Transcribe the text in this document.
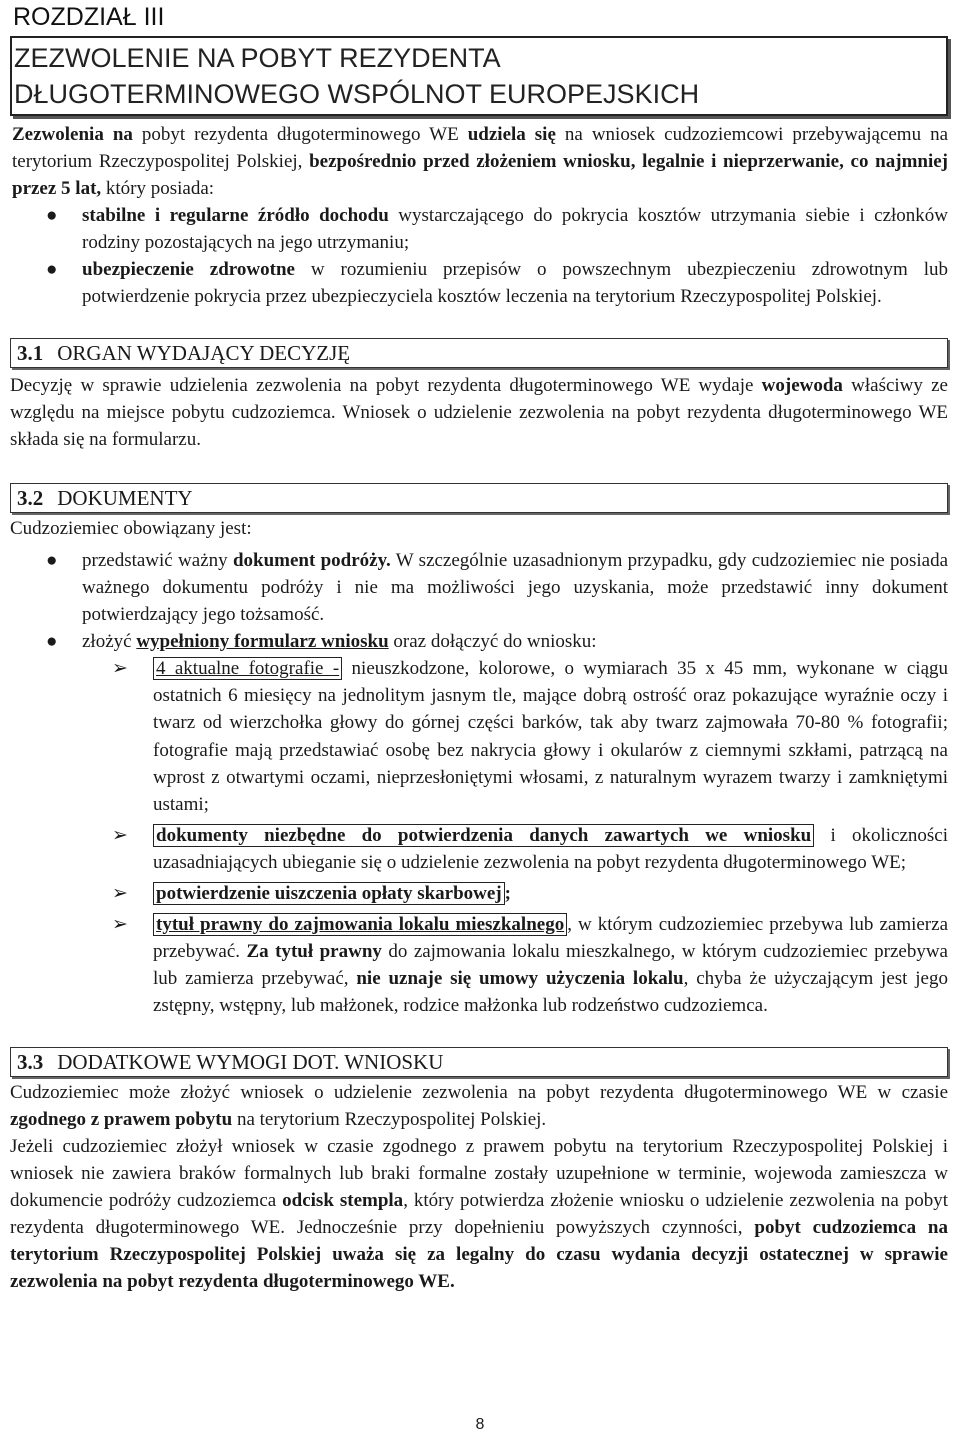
ROZDZIAŁ III
ZEZWOLENIE NA POBYT REZYDENTA
DŁUGOTERMINOWEGO WSPÓLNOT EUROPEJSKICH

Zezwolenia na pobyt rezydenta długoterminowego WE udziela się na wniosek cudzoziemcowi przebywającemu na terytorium Rzeczypospolitej Polskiej, bezpośrednio przed złożeniem wniosku, legalnie i nieprzerwanie, co najmniej przez 5 lat, który posiada:

● stabilne i regularne źródło dochodu wystarczającego do pokrycia kosztów utrzymania siebie i członków rodziny pozostających na jego utrzymaniu;
● ubezpieczenie zdrowotne w rozumieniu przepisów o powszechnym ubezpieczeniu zdrowotnym lub potwierdzenie pokrycia przez ubezpieczyciela kosztów leczenia na terytorium Rzeczypospolitej Polskiej.
3.1 ORGAN WYDAJĄCY DECYZJĘ

Decyzję w sprawie udzielenia zezwolenia na pobyt rezydenta długoterminowego WE wydaje wojewoda właściwy ze względu na miejsce pobytu cudzoziemca. Wniosek o udzielenie zezwolenia na pobyt rezydenta długoterminowego WE składa się na formularzu.

3.2 DOKUMENTY

Cudzoziemiec obowiązany jest:

● przedstawić ważny dokument podróży. W szczególnie uzasadnionym przypadku, gdy cudzoziemiec nie posiada ważnego dokumentu podróży i nie ma możliwości jego uzyskania, może przedstawić inny dokument potwierdzający jego tożsamość.
● złożyć wypełniony formularz wniosku oraz dołączyć do wniosku:
➢ 4 aktualne fotografie - nieuszkodzone, kolorowe, o wymiarach 35 x 45 mm, wykonane w ciągu ostatnich 6 miesięcy na jednolitym jasnym tle, mające dobrą ostrość oraz pokazujące wyraźnie oczy i twarz od wierzchołka głowy do górnej części barków, tak aby twarz zajmowała 70-80 % fotografii; fotografie mają przedstawiać osobę bez nakrycia głowy i okularów z ciemnymi szkłami, patrzącą na wprost z otwartymi oczami, nieprzesłoniętymi włosami, z naturalnym wyrazem twarzy i zamkniętymi ustami;
➢ dokumenty niezbędne do potwierdzenia danych zawartych we wniosku i okoliczności uzasadniających ubieganie się o udzielenie zezwolenia na pobyt rezydenta długoterminowego WE;
➢ potwierdzenie uiszczenia opłaty skarbowej ;
➢ tytuł prawny do zajmowania lokalu mieszkalnego , w którym cudzoziemiec przebywa lub zamierza przebywać. Za tytuł prawny do zajmowania lokalu mieszkalnego, w którym cudzoziemiec przebywa lub zamierza przebywać, nie uznaje się umowy użyczenia lokalu, chyba że użyczającym jest jego zstępny, wstępny, lub małżonek, rodzice małżonka lub rodzeństwo cudzoziemca.
3.3 DODATKOWE WYMOGI DOT. WNIOSKU

Cudzoziemiec może złożyć wniosek o udzielenie zezwolenia na pobyt rezydenta długoterminowego WE w czasie zgodnego z prawem pobytu na terytorium Rzeczypospolitej Polskiej.

Jeżeli cudzoziemiec złożył wniosek w czasie zgodnego z prawem pobytu na terytorium Rzeczypospolitej Polskiej i wniosek nie zawiera braków formalnych lub braki formalne zostały uzupełnione w terminie, wojewoda zamieszcza w dokumencie podróży cudzoziemca odcisk stempla, który potwierdza złożenie wniosku o udzielenie zezwolenia na pobyt rezydenta długoterminowego WE. Jednocześnie przy dopełnieniu powyższych czynności, pobyt cudzoziemca na terytorium Rzeczypospolitej Polskiej uważa się za legalny do czasu wydania decyzji ostatecznej w sprawie zezwolenia na pobyt rezydenta długoterminowego WE.

8
